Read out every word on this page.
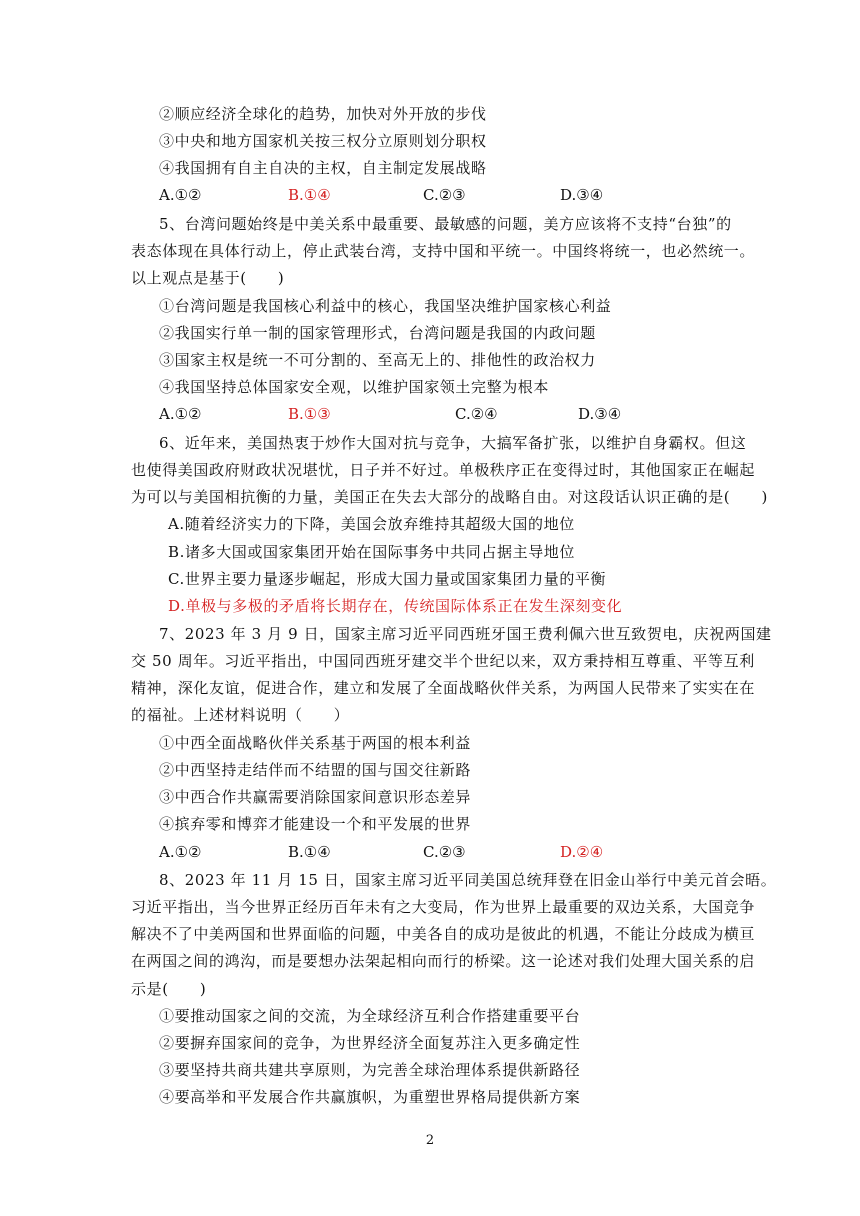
②顺应经济全球化的趋势，加快对外开放的步伐
③中央和地方国家机关按三权分立原则划分职权
④我国拥有自主自决的主权，自主制定发展战略
A.①②	B.①④	C.②③	D.③④
5、台湾问题始终是中美关系中最重要、最敏感的问题，美方应该将不支持“台独”的
表态体现在具体行动上，停止武装台湾，支持中国和平统一。中国终将统一，也必然统一。
以上观点是基于(　　)
①台湾问题是我国核心利益中的核心，我国坚决维护国家核心利益
②我国实行单一制的国家管理形式，台湾问题是我国的内政问题
③国家主权是统一不可分割的、至高无上的、排他性的政治权力
④我国坚持总体国家安全观，以维护国家领土完整为根本
A.①②	B.①③	C.②④	D.③④
6、近年来，美国热衷于炒作大国对抗与竞争，大搞军备扩张，以维护自身霸权。但这
也使得美国政府财政状况堪忧，日子并不好过。单极秩序正在变得过时，其他国家正在崛起
为可以与美国相抗衡的力量，美国正在失去大部分的战略自由。对这段话认识正确的是(　　)
A.随着经济实力的下降，美国会放弃维持其超级大国的地位
B.诸多大国或国家集团开始在国际事务中共同占据主导地位
C.世界主要力量逐步崛起，形成大国力量或国家集团力量的平衡
D.单极与多极的矛盾将长期存在，传统国际体系正在发生深刻变化
7、2023 年 3 月 9 日，国家主席习近平同西班牙国王费利佩六世互致贺电，庆祝两国建
交 50 周年。习近平指出，中国同西班牙建交半个世纪以来，双方秉持相互尊重、平等互利
精神，深化友谊，促进合作，建立和发展了全面战略伙伴关系，为两国人民带来了实实在在
的福祉。上述材料说明（　　）
①中西全面战略伙伴关系基于两国的根本利益
②中西坚持走结伴而不结盟的国与国交往新路
③中西合作共赢需要消除国家间意识形态差异
④摈弃零和博弈才能建设一个和平发展的世界
A.①②	B.①④	C.②③	D.②④
8、2023 年 11 月 15 日，国家主席习近平同美国总统拜登在旧金山举行中美元首会晤。
习近平指出，当今世界正经历百年未有之大变局，作为世界上最重要的双边关系，大国竞争
解决不了中美两国和世界面临的问题，中美各自的成功是彼此的机遇，不能让分歧成为横亘
在两国之间的鸿沟，而是要想办法架起相向而行的桥梁。这一论述对我们处理大国关系的启
示是(　　)
①要推动国家之间的交流，为全球经济互利合作搭建重要平台
②要摒弃国家间的竞争，为世界经济全面复苏注入更多确定性
③要坚持共商共建共享原则，为完善全球治理体系提供新路径
④要高举和平发展合作共赢旗帜，为重塑世界格局提供新方案
2
